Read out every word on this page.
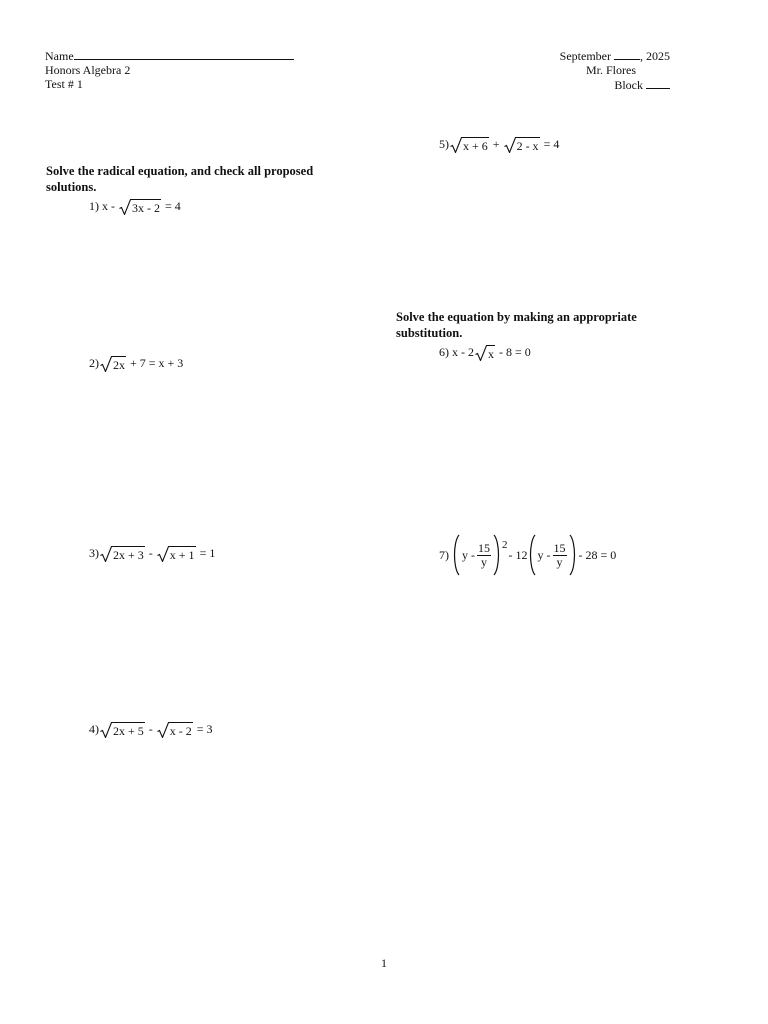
Name
Honors Algebra 2
Test # 1
September , 2025
Mr. Flores
Block
Solve the radical equation, and check all proposed solutions.
1) x - 3x - 2 = 4
2) 2x + 7 = x + 3
3) 2x + 3 - x + 1 = 1
4) 2x + 5 - x - 2 = 3
5) x + 6 + 2 - x = 4
Solve the equation by making an appropriate substitution.
6) x - 2 x - 8 = 0
7) y - $\frac{15}{y} ^2$
- 12 $y - \frac{15}{y} - 28 = 0$
1
